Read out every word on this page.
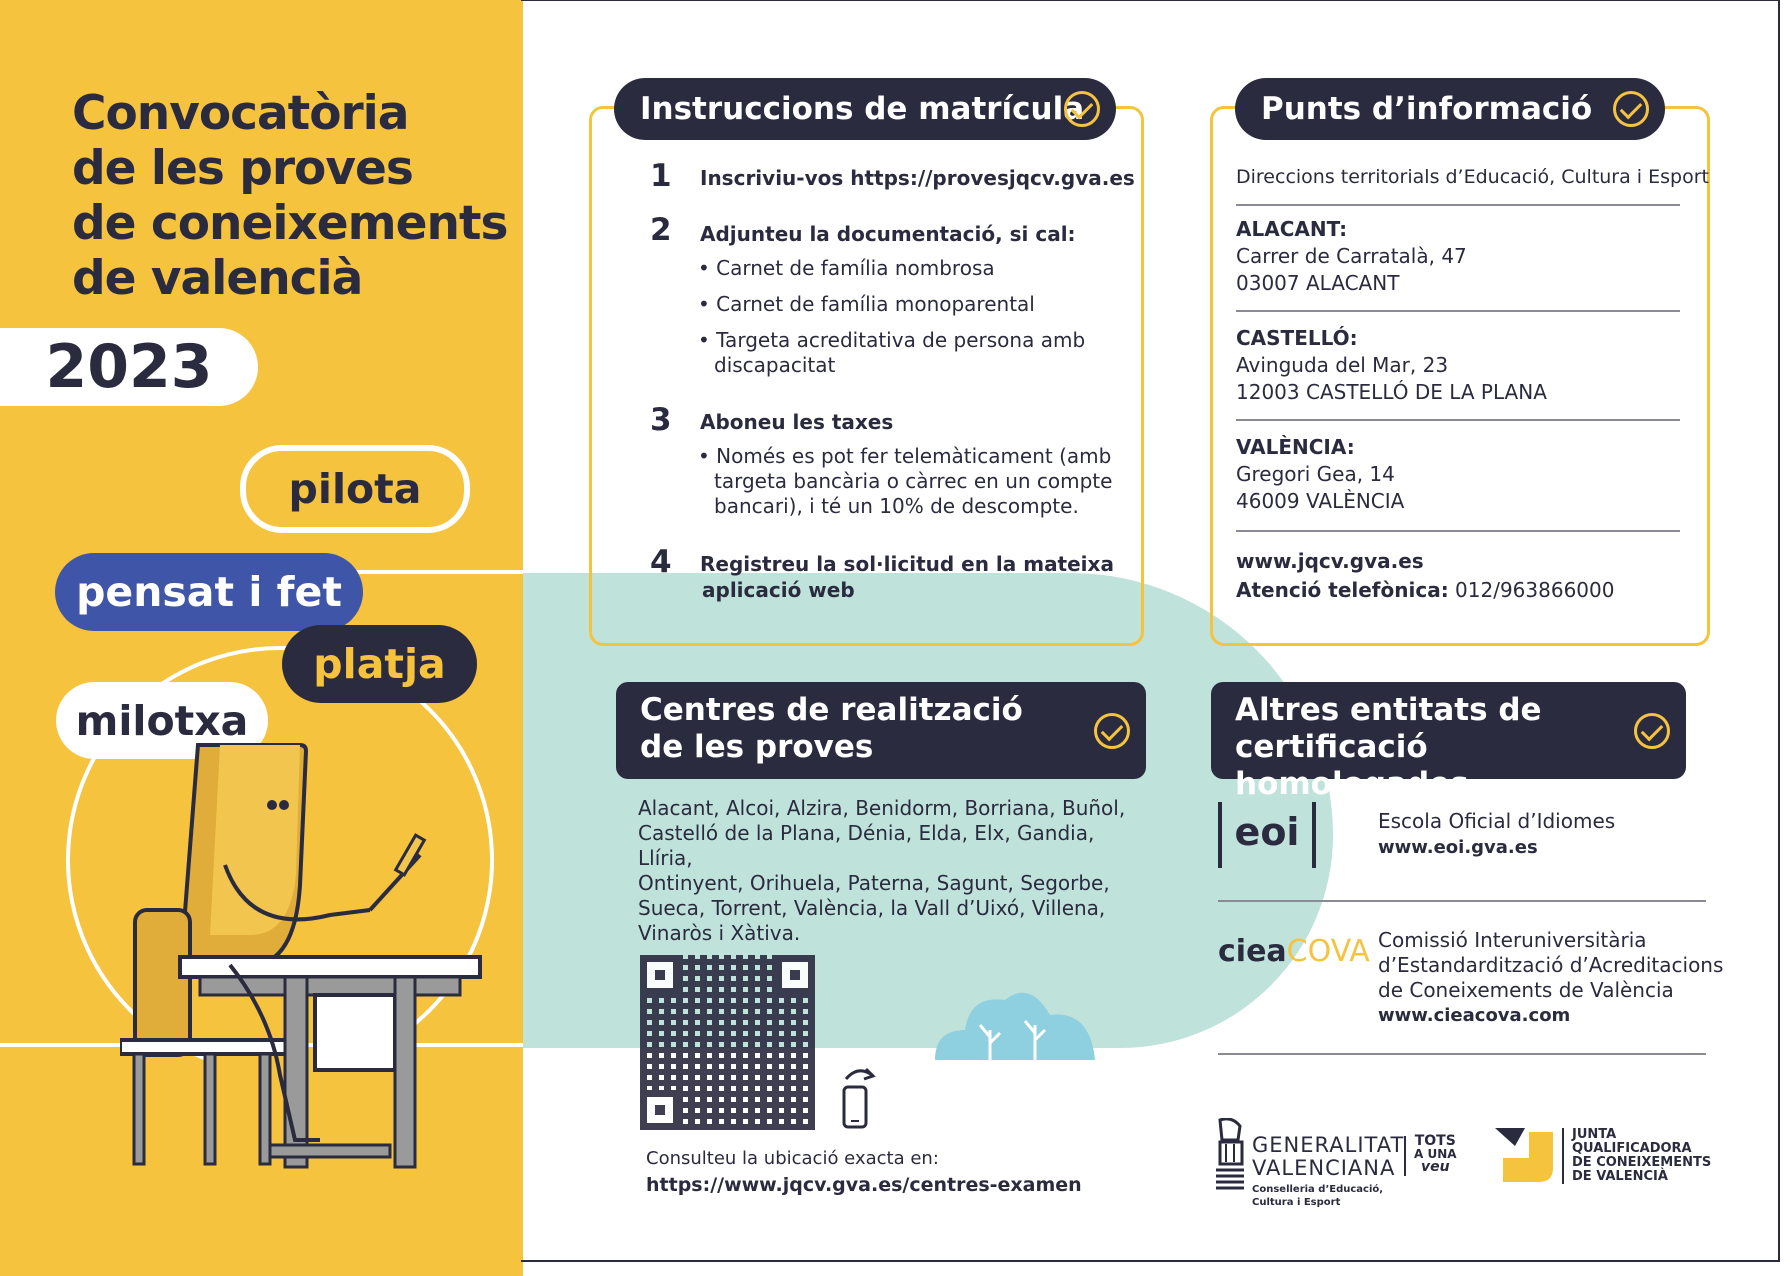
Convocatòria
de les proves
de coneixements
de valencià
2023
pilota
pensat i fet
platja
milotxa
Instruccions de matrícula
1 Inscriviu-vos https://provesjqcv.gva.es
2 Adjunteu la documentació, si cal:
• Carnet de família nombrosa
• Carnet de família monoparental
• Targeta acreditativa de persona amb
discapacitat
3 Aboneu les taxes
• Només es pot fer telemàticament (amb
targeta bancària o càrrec en un compte
bancari), i té un 10% de descompte.
4 Registreu la sol·licitud en la mateixa
aplicació web
Punts d’informació
Direccions territorials d’Educació, Cultura i Esport
ALACANT:
Carrer de Carratalà, 47
03007 ALACANT
CASTELLÓ:
Avinguda del Mar, 23
12003 CASTELLÓ DE LA PLANA
VALÈNCIA:
Gregori Gea, 14
46009 VALÈNCIA
www.jqcv.gva.es
Atenció telefònica: 012/963866000
Centres de realització
de les proves
Alacant, Alcoi, Alzira, Benidorm, Borriana, Buñol,
Castelló de la Plana, Dénia, Elda, Elx, Gandia, Llíria,
Ontinyent, Orihuela, Paterna, Sagunt, Segorbe,
Sueca, Torrent, València, la Vall d’Uixó, Villena,
Vinaròs i Xàtiva.
Consulteu la ubicació exacta en:
https://www.jqcv.gva.es/centres-examen
Altres entitats de
certificació homologades
eoi	Escola Oficial d’Idiomes
www.eoi.gva.es
cieaCOVA Comissió Interuniversitària
d’Estandardització d’Acreditacions
de Coneixements de València
www.cieacova.com
GENERALITAT
VALENCIANA
Conselleria d’Educació,
Cultura i Esport
TOTS
A UNA
veu
JUNTA
QUALIFICADORA
DE CONEIXEMENTS
DE VALENCIÀ
